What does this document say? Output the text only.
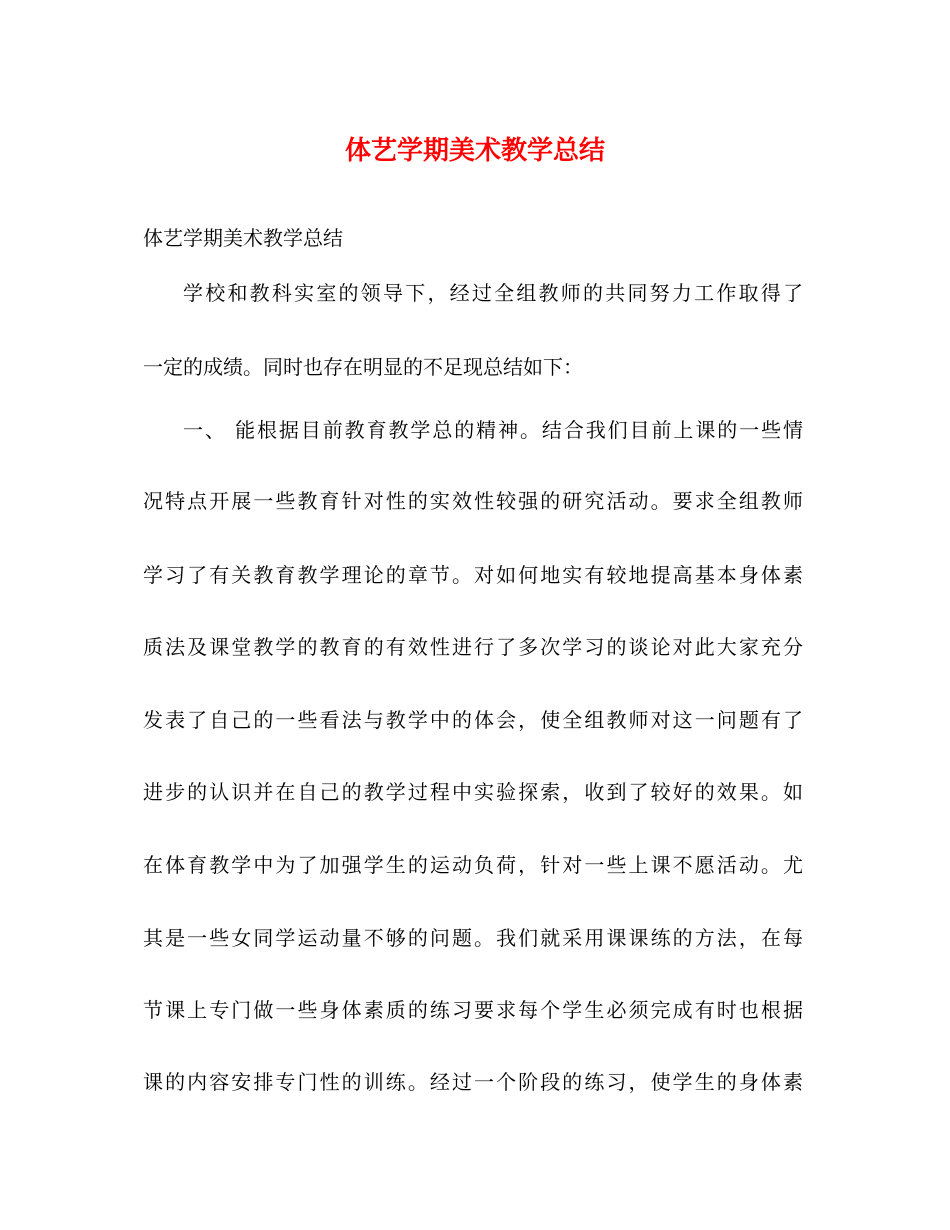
体艺学期美术教学总结

体艺学期美术教学总结

学校和教科实室的领导下，经过全组教师的共同努力工作取得了
一定的成绩。同时也存在明显的不足现总结如下：
一、 能根据目前教育教学总的精神。结合我们目前上课的一些情
况特点开展一些教育针对性的实效性较强的研究活动。要求全组教师
学习了有关教育教学理论的章节。对如何地实有较地提高基本身体素
质法及课堂教学的教育的有效性进行了多次学习的谈论对此大家充分
发表了自己的一些看法与教学中的体会，使全组教师对这一问题有了
进步的认识并在自己的教学过程中实验探索，收到了较好的效果。如
在体育教学中为了加强学生的运动负荷，针对一些上课不愿活动。尤
其是一些女同学运动量不够的问题。我们就采用课课练的方法，在每
节课上专门做一些身体素质的练习要求每个学生必须完成有时也根据
课的内容安排专门性的训练。经过一个阶段的练习，使学生的身体素
